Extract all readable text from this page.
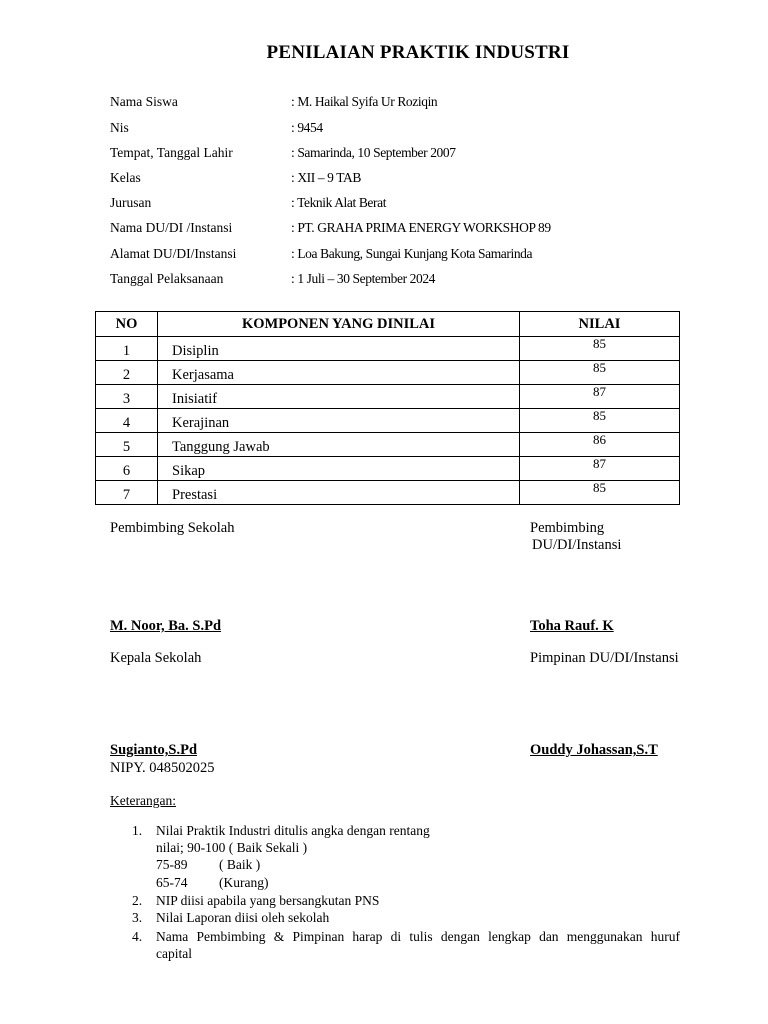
PENILAIAN PRAKTIK INDUSTRI
Nama Siswa	: M. Haikal Syifa Ur Roziqin
Nis	: 9454
Tempat, Tanggal Lahir	: Samarinda, 10 September 2007
Kelas	: XII – 9 TAB
Jurusan	: Teknik Alat Berat
Nama DU/DI /Instansi	: PT. GRAHA PRIMA ENERGY WORKSHOP 89
Alamat DU/DI/Instansi	: Loa Bakung, Sungai Kunjang Kota Samarinda
Tanggal Pelaksanaan	: 1 Juli – 30 September 2024
NO	KOMPONEN YANG DINILAI	NILAI
1	Disiplin	85
2	Kerjasama	85
3	Inisiatif	87
4	Kerajinan	85
5	Tanggung Jawab	86
6	Sikap	87
7	Prestasi	85
Pembimbing Sekolah	Pembimbing
DU/DI/Instansi
M. Noor, Ba. S.Pd	Toha Rauf. K
Kepala Sekolah	Pimpinan DU/DI/Instansi
Sugianto,S.Pd
NIPY. 048502025
Ouddy Johassan,S.T
Keterangan:
1. Nilai Praktik Industri ditulis angka dengan rentang
nilai; 90-100 ( Baik Sekali )
75-89 ( Baik )
65-74 (Kurang)
2. NIP diisi apabila yang bersangkutan PNS
3. Nilai Laporan diisi oleh sekolah
4. Nama Pembimbing & Pimpinan harap di tulis dengan lengkap dan menggunakan huruf
capital
